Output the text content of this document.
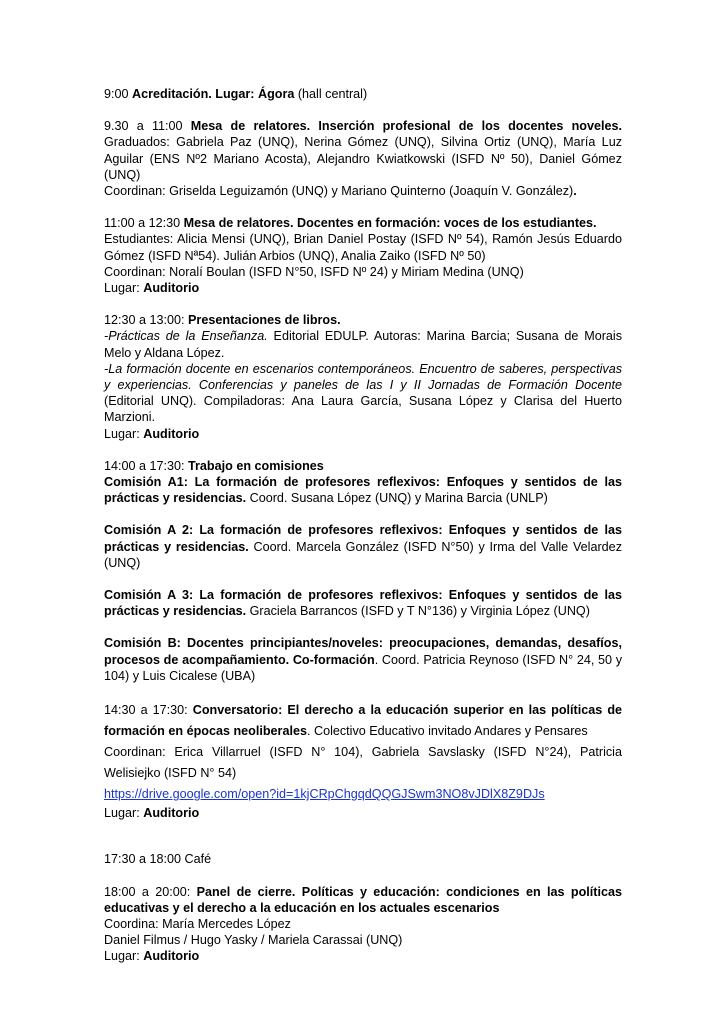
9:00 Acreditación. Lugar: Ágora (hall central)

9.30 a 11:00 Mesa de relatores. Inserción profesional de los docentes noveles. Graduados: Gabriela Paz (UNQ), Nerina Gómez (UNQ), Silvina Ortiz (UNQ), María Luz Aguilar (ENS Nº2 Mariano Acosta), Alejandro Kwiatkowski (ISFD Nº 50), Daniel Gómez (UNQ)
Coordinan: Griselda Leguizamón (UNQ) y Mariano Quinterno (Joaquín V. González).
11:00 a 12:30 Mesa de relatores. Docentes en formación: voces de los estudiantes.
Estudiantes: Alicia Mensi (UNQ), Brian Daniel Postay (ISFD Nº 54), Ramón Jesús Eduardo Gómez (ISFD Nª54). Julián Arbios (UNQ), Analia Zaiko (ISFD Nº 50)
Coordinan: Noralí Boulan (ISFD N°50, ISFD Nº 24) y Miriam Medina (UNQ)
Lugar: Auditorio
12:30 a 13:00: Presentaciones de libros.
-Prácticas de la Enseñanza. Editorial EDULP. Autoras: Marina Barcia; Susana de Morais Melo y Aldana López.
-La formación docente en escenarios contemporáneos. Encuentro de saberes, perspectivas y experiencias. Conferencias y paneles de las I y II Jornadas de Formación Docente (Editorial UNQ). Compiladoras: Ana Laura García, Susana López y Clarisa del Huerto Marzioni.
Lugar: Auditorio
14:00 a 17:30: Trabajo en comisiones
Comisión A1: La formación de profesores reflexivos: Enfoques y sentidos de las prácticas y residencias. Coord. Susana López (UNQ) y Marina Barcia (UNLP)
Comisión A 2: La formación de profesores reflexivos: Enfoques y sentidos de las prácticas y residencias. Coord. Marcela González (ISFD N°50) y Irma del Valle Velardez (UNQ)
Comisión A 3: La formación de profesores reflexivos: Enfoques y sentidos de las prácticas y residencias. Graciela Barrancos (ISFD y T N°136) y Virginia López (UNQ)
Comisión B: Docentes principiantes/noveles: preocupaciones, demandas, desafíos, procesos de acompañamiento. Co-formación. Coord. Patricia Reynoso (ISFD N° 24, 50 y 104) y Luis Cicalese (UBA)
14:30 a 17:30: Conversatorio: El derecho a la educación superior en las políticas de formación en épocas neoliberales. Colectivo Educativo invitado Andares y Pensares
Coordinan: Erica Villarruel (ISFD N° 104), Gabriela Savslasky (ISFD N°24), Patricia Welisiejko (ISFD N° 54)
https://drive.google.com/open?id=1kjCRpChgqdQQGJSwm3NO8vJDlX8Z9DJs
Lugar: Auditorio
17:30 a 18:00 Café
18:00 a 20:00: Panel de cierre. Políticas y educación: condiciones en las políticas educativas y el derecho a la educación en los actuales escenarios
Coordina: María Mercedes López
Daniel Filmus / Hugo Yasky / Mariela Carassai (UNQ)
Lugar: Auditorio
